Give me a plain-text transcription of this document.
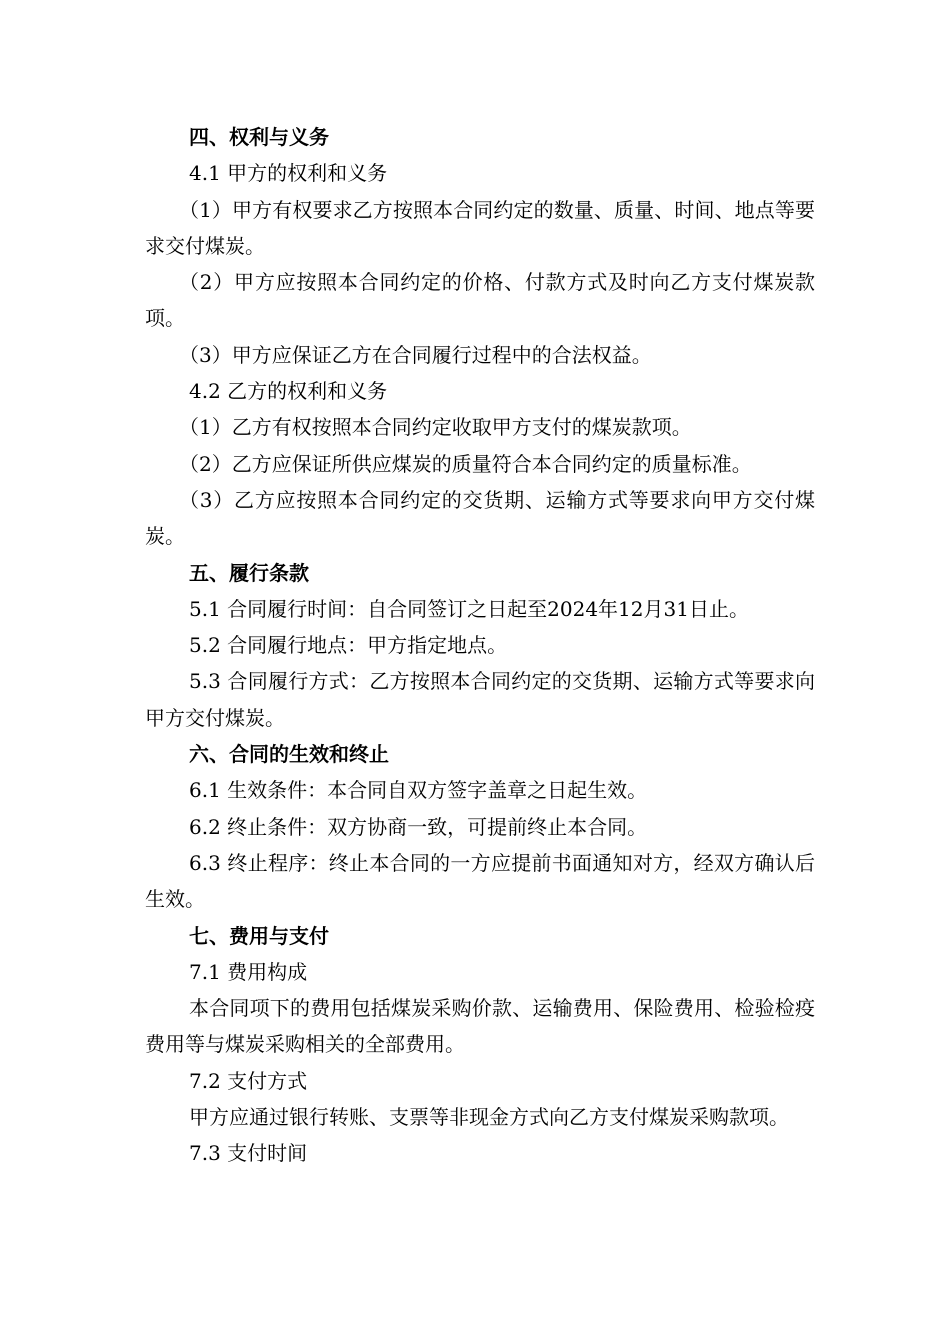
四、权利与义务

4.1 甲方的权利和义务

（1）甲方有权要求乙方按照本合同约定的数量、质量、时间、地点等要求交付煤炭。

（2）甲方应按照本合同约定的价格、付款方式及时向乙方支付煤炭款项。

（3）甲方应保证乙方在合同履行过程中的合法权益。

4.2 乙方的权利和义务

（1）乙方有权按照本合同约定收取甲方支付的煤炭款项。

（2）乙方应保证所供应煤炭的质量符合本合同约定的质量标准。

（3）乙方应按照本合同约定的交货期、运输方式等要求向甲方交付煤炭。

五、履行条款

5.1 合同履行时间：自合同签订之日起至2024年12月31日止。

5.2 合同履行地点：甲方指定地点。

5.3 合同履行方式：乙方按照本合同约定的交货期、运输方式等要求向甲方交付煤炭。

六、合同的生效和终止

6.1 生效条件：本合同自双方签字盖章之日起生效。

6.2 终止条件：双方协商一致，可提前终止本合同。

6.3 终止程序：终止本合同的一方应提前书面通知对方，经双方确认后生效。

七、费用与支付

7.1 费用构成

本合同项下的费用包括煤炭采购价款、运输费用、保险费用、检验检疫费用等与煤炭采购相关的全部费用。

7.2 支付方式

甲方应通过银行转账、支票等非现金方式向乙方支付煤炭采购款项。

7.3 支付时间
